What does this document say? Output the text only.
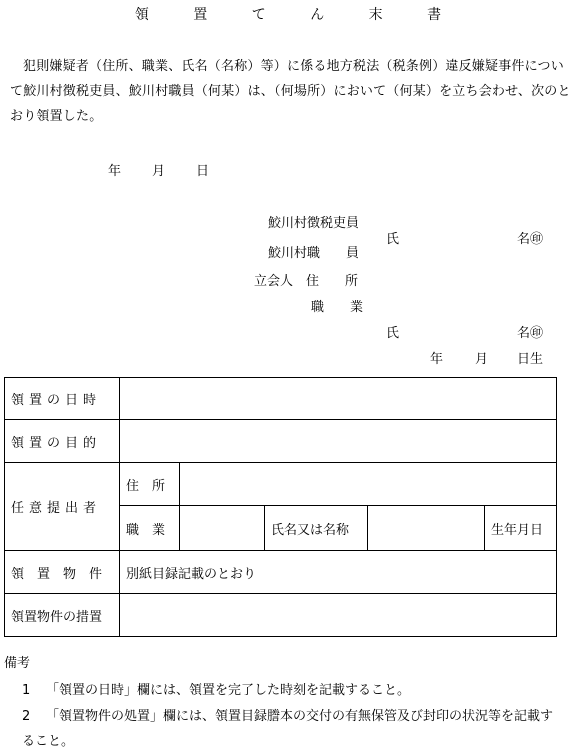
領 置 て ん 末 書
犯則嫌疑者（住所、職業、氏名（名称）等）に係る地方税法（税条例）違反嫌疑事件について鮫川村徴税吏員、鮫川村職員（何某）は、（何場所）において（何某）を立ち会わせ、次のとおり領置した。
年 月 日
鮫川村徴税吏員
氏	名㊞
鮫川村職　　員
立会人　住　　所
職　　業
氏	名㊞
年 月 日生
領置の日時					
領置の目的					
任意提出者	住　所				
	職　業		氏名又は名称		生年月日
領　置　物　件	別紙目録記載のとおり				
領置物件の措置					
備考
1 「領置の日時」欄には、領置を完了した時刻を記載すること。
2 「領置物件の処置」欄には、領置目録謄本の交付の有無保管及び封印の状況等を記載すること。
